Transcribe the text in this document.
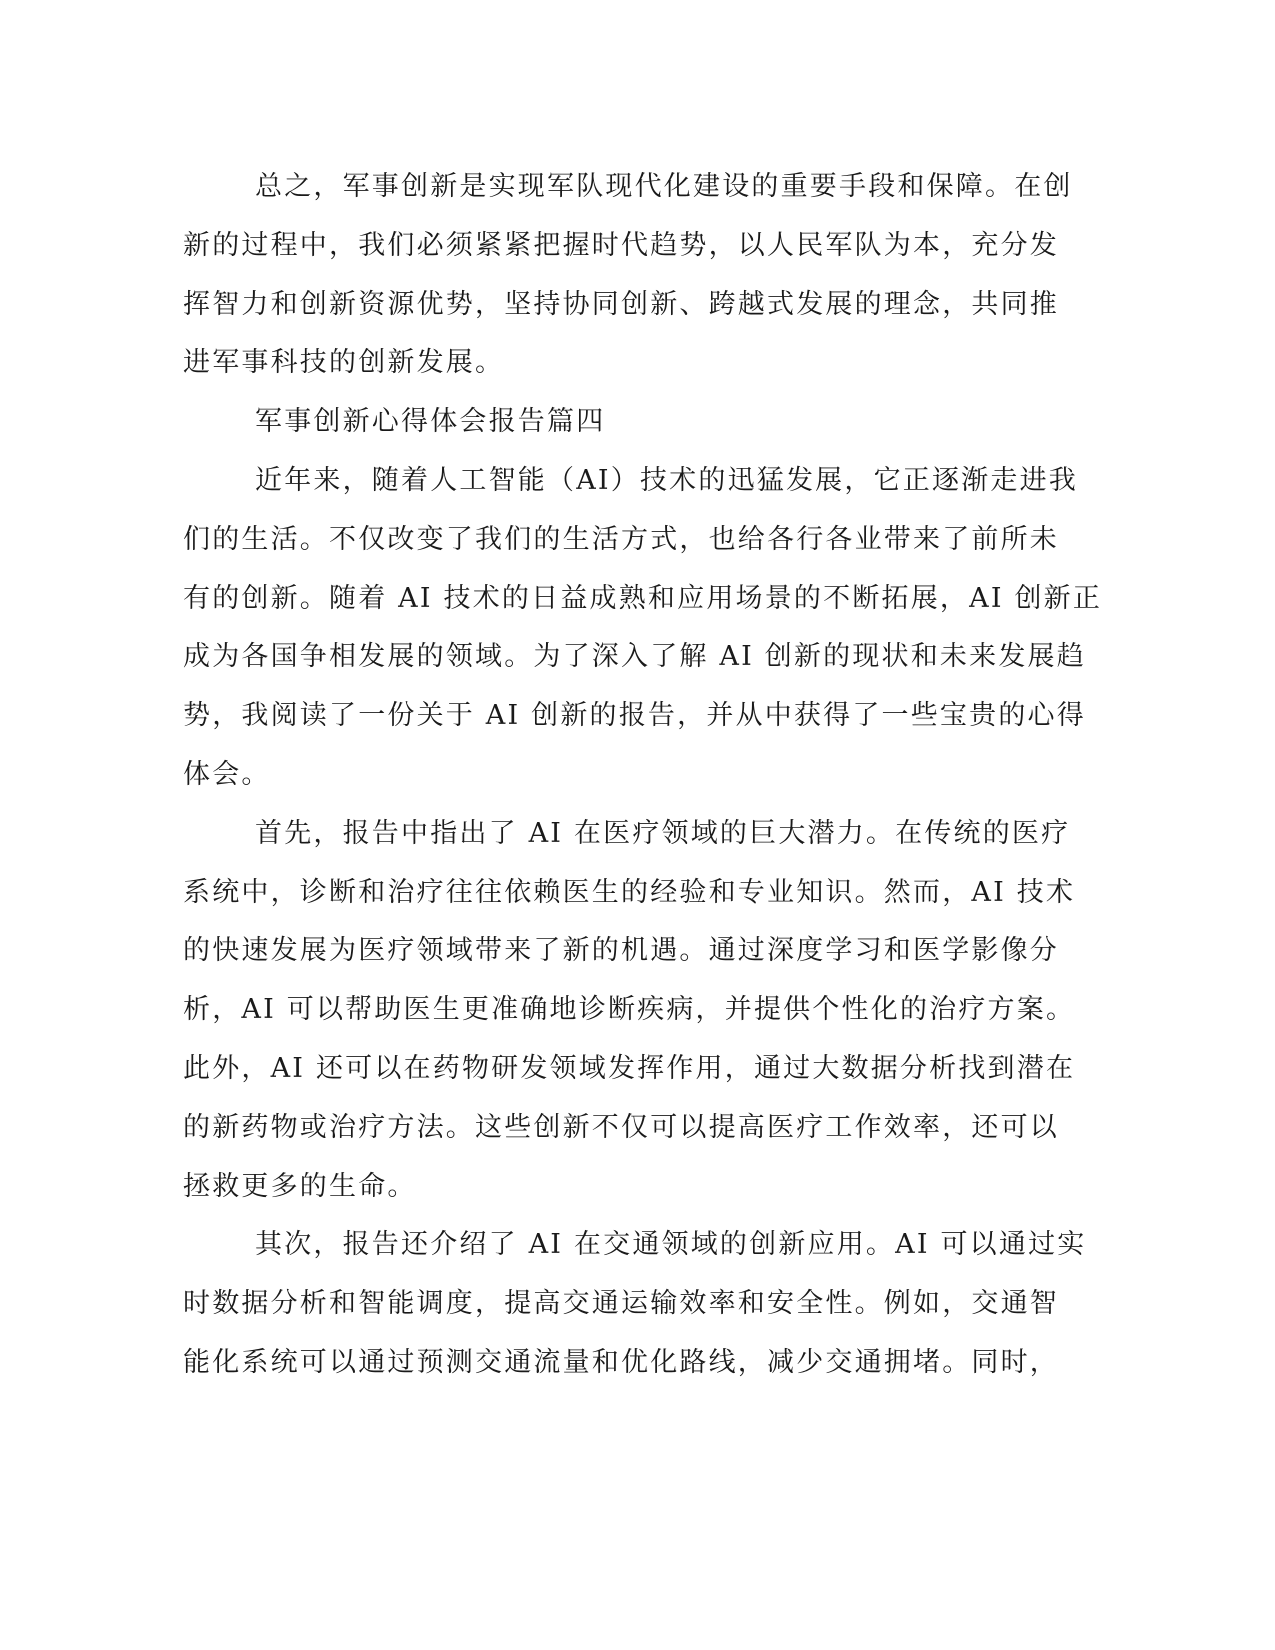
总之，军事创新是实现军队现代化建设的重要手段和保障。在创
新的过程中，我们必须紧紧把握时代趋势，以人民军队为本，充分发
挥智力和创新资源优势，坚持协同创新、跨越式发展的理念，共同推
进军事科技的创新发展。
军事创新心得体会报告篇四
近年来，随着人工智能（AI）技术的迅猛发展，它正逐渐走进我
们的生活。不仅改变了我们的生活方式，也给各行各业带来了前所未
有的创新。随着 AI 技术的日益成熟和应用场景的不断拓展，AI 创新正
成为各国争相发展的领域。为了深入了解 AI 创新的现状和未来发展趋
势，我阅读了一份关于 AI 创新的报告，并从中获得了一些宝贵的心得
体会。
首先，报告中指出了 AI 在医疗领域的巨大潜力。在传统的医疗
系统中，诊断和治疗往往依赖医生的经验和专业知识。然而，AI 技术
的快速发展为医疗领域带来了新的机遇。通过深度学习和医学影像分
析，AI 可以帮助医生更准确地诊断疾病，并提供个性化的治疗方案。
此外，AI 还可以在药物研发领域发挥作用，通过大数据分析找到潜在
的新药物或治疗方法。这些创新不仅可以提高医疗工作效率，还可以
拯救更多的生命。
其次，报告还介绍了 AI 在交通领域的创新应用。AI 可以通过实
时数据分析和智能调度，提高交通运输效率和安全性。例如，交通智
能化系统可以通过预测交通流量和优化路线，减少交通拥堵。同时，
